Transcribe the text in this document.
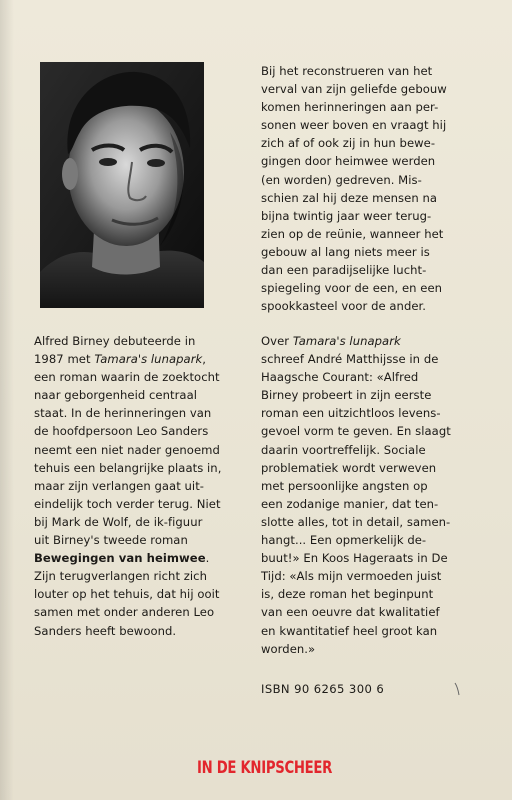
Bij het reconstrueren van het
verval van zijn geliefde gebouw
komen herinneringen aan per-
sonen weer boven en vraagt hij
zich af of ook zij in hun bewe-
gingen door heimwee werden
(en worden) gedreven. Mis-
schien zal hij deze mensen na
bijna twintig jaar weer terug-
zien op de reünie, wanneer het
gebouw al lang niets meer is
dan een paradijselijke lucht-
spiegeling voor de een, en een
spookkasteel voor de ander.
Alfred Birney debuteerde in
1987 met Tamara's lunapark,
een roman waarin de zoektocht
naar geborgenheid centraal
staat. In de herinneringen van
de hoofdpersoon Leo Sanders
neemt een niet nader genoemd
tehuis een belangrijke plaats in,
maar zijn verlangen gaat uit-
eindelijk toch verder terug. Niet
bij Mark de Wolf, de ik-figuur
uit Birney's tweede roman
Bewegingen van heimwee.
Zijn terugverlangen richt zich
louter op het tehuis, dat hij ooit
samen met onder anderen Leo
Sanders heeft bewoond.
Over Tamara's lunapark
schreef André Matthijsse in de
Haagsche Courant: «Alfred
Birney probeert in zijn eerste
roman een uitzichtloos levens-
gevoel vorm te geven. En slaagt
daarin voortreffelijk. Sociale
problematiek wordt verweven
met persoonlijke angsten op
een zodanige manier, dat ten-
slotte alles, tot in detail, samen-
hangt... Een opmerkelijk de-
buut!» En Koos Hageraats in De
Tijd: «Als mijn vermoeden juist
is, deze roman het beginpunt
van een oeuvre dat kwalitatief
en kwantitatief heel groot kan
worden.»
ISBN 90 6265 300 6
IN DE KNIPSCHEER
